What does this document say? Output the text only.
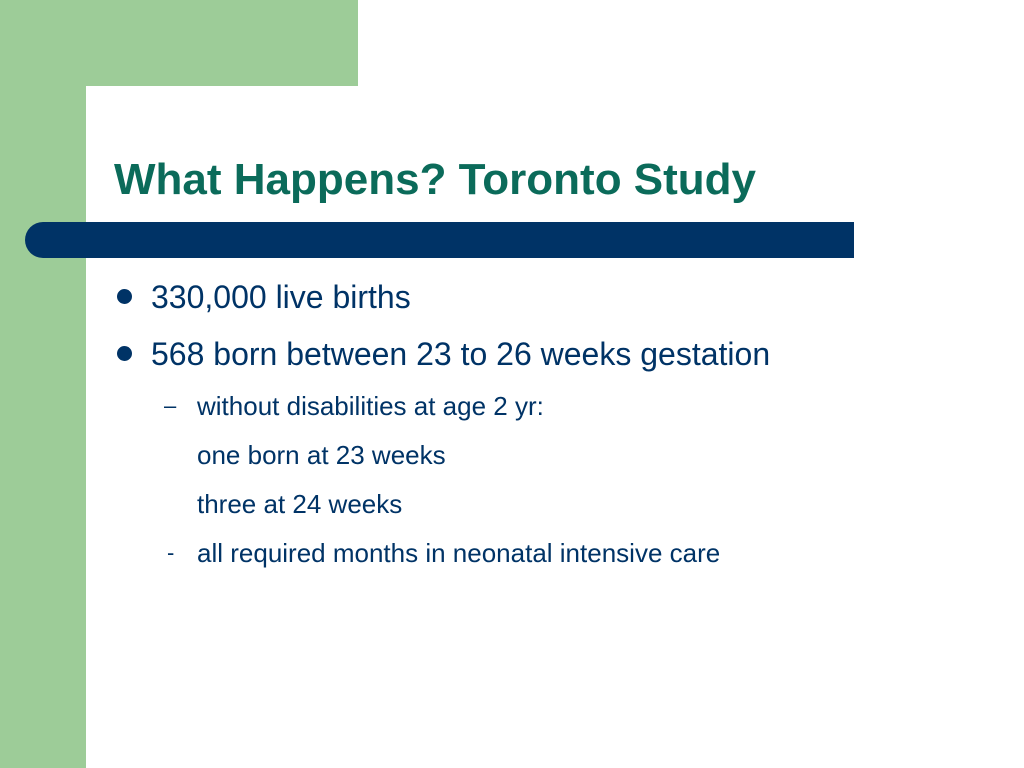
What Happens? Toronto Study
330,000 live births
568 born between 23 to 26 weeks gestation
– without disabilities at age 2 yr:
one born at 23 weeks
three at 24 weeks
- all required months in neonatal intensive care
